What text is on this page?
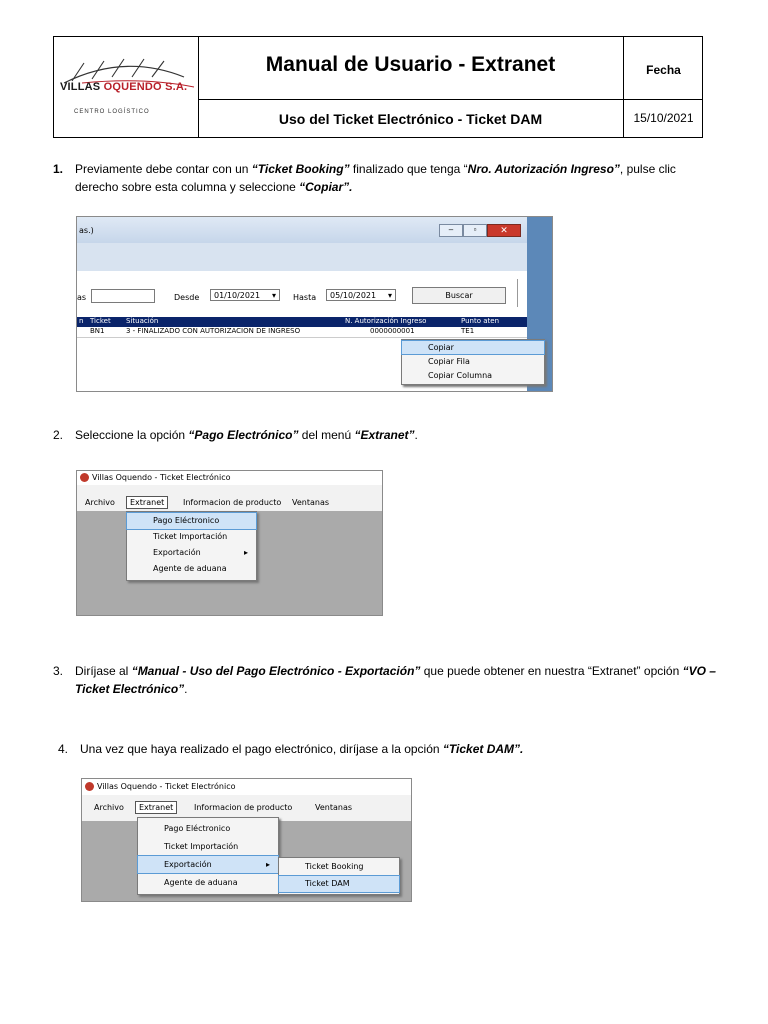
VILLAS OQUENDO S.A.
CENTRO LOGÍSTICO
Manual de Usuario - Extranet
Uso del Ticket Electrónico - Ticket DAM
Fecha
15/10/2021
1. Previamente debe contar con un “Ticket Booking” finalizado que tenga “Nro. Autorización Ingreso”, pulse clic derecho sobre esta columna y seleccione “Copiar”.
as.)	–	▫	✕
as	Desde	01/10/2021 ▾ Hasta	05/10/2021 ▾	Buscar
n Ticket Situación	N. Autorización Ingreso	Punto aten
BN1	3 - FINALIZADO CON AUTORIZACION DE INGRESO	0000000001	TE1
Copiar
Copiar Fila
Copiar Columna
2. Seleccione la opción “Pago Electrónico” del menú “Extranet”.
Villas Oquendo - Ticket Electrónico
Archivo	Extranet	Informacion de producto Ventanas
Pago Eléctronico
Ticket Importación
Exportación	▸
Agente de aduana
3. Diríjase al “Manual - Uso del Pago Electrónico - Exportación” que puede obtener en nuestra “Extranet” opción “VO – Ticket Electrónico”.
4. Una vez que haya realizado el pago electrónico, diríjase a la opción “Ticket DAM”.
Villas Oquendo - Ticket Electrónico
Archivo	Extranet	Informacion de producto	Ventanas
Pago Eléctronico
Ticket Importación
Exportación	▸
Agente de aduana
Ticket Booking
Ticket DAM
